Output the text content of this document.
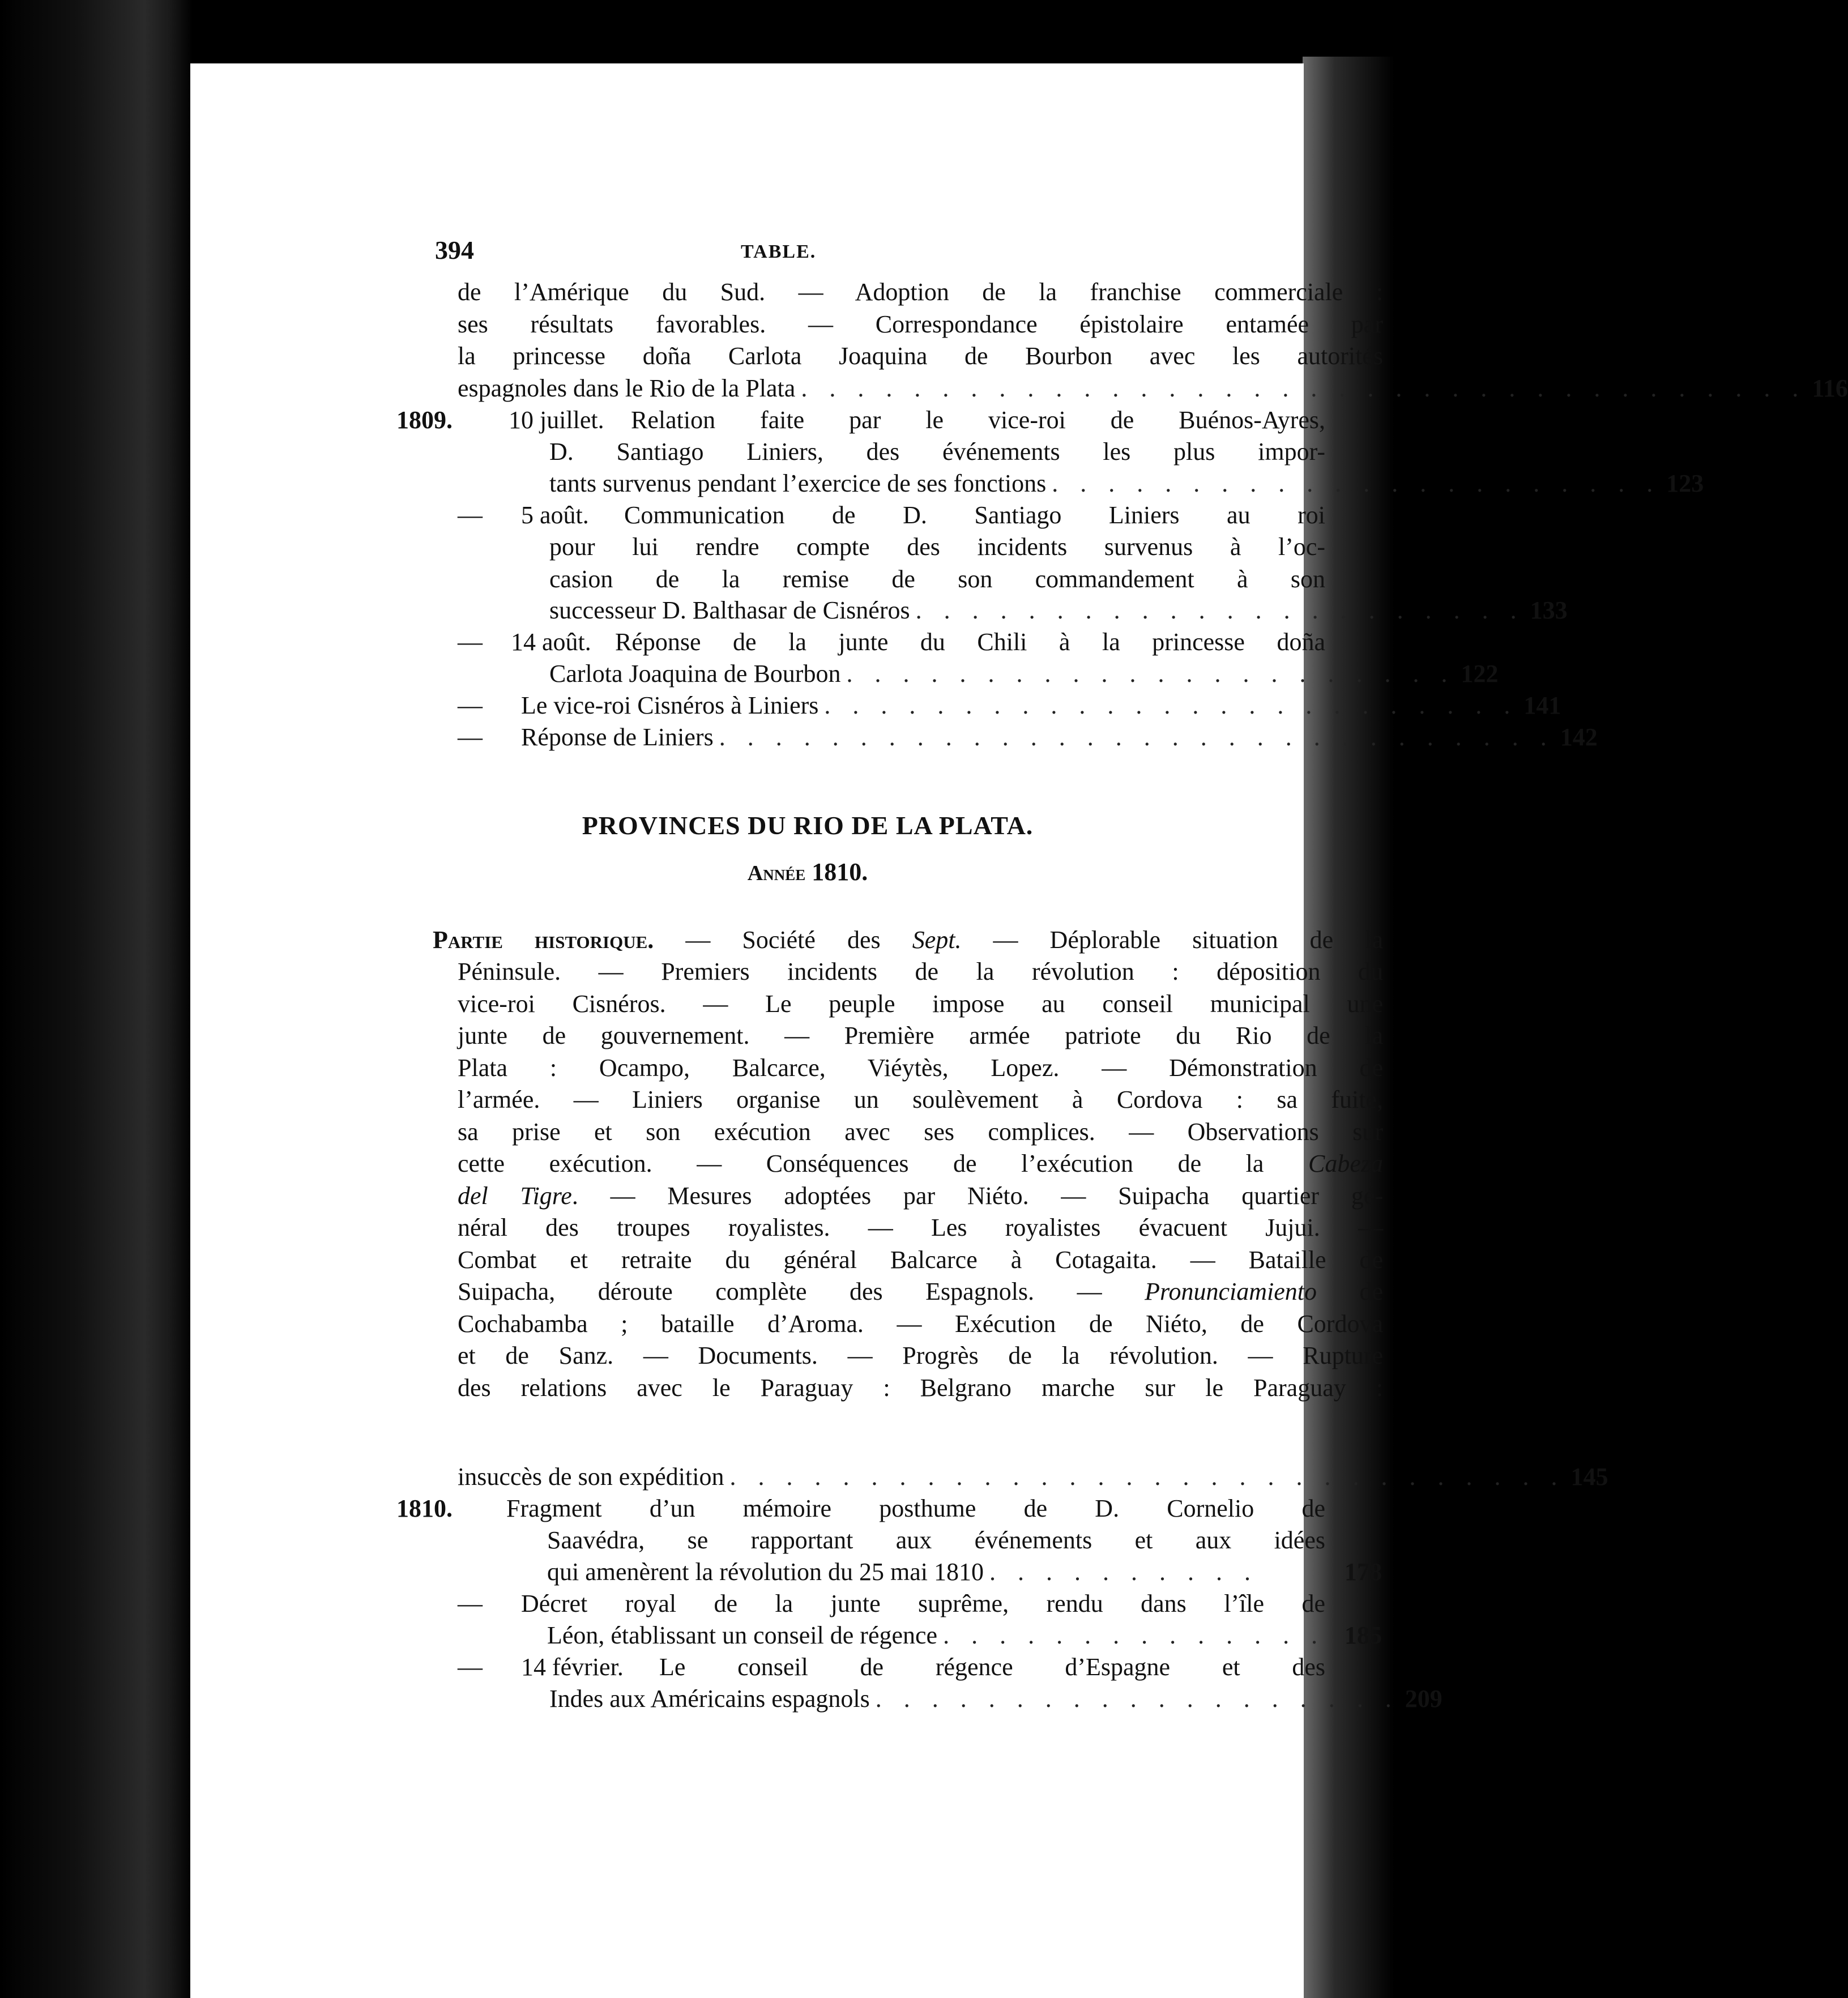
394	TABLE.
de l’Amérique du Sud. — Adoption de la franchise commerciale :
ses résultats favorables. — Correspondance épistolaire entamée par
la princesse doña Carlota Joaquina de Bourbon avec les autorités
espagnoles dans le Rio de la Plata . . . . . . . . . . . . . . . . . . . . . . . . . . . . . . . . . . . . 116
1809. 10 juillet. Relation faite par le vice-roi de Buénos-Ayres,
D. Santiago Liniers, des événements les plus impor-
tants survenus pendant l’exercice de ses fonctions . . . . . . . . . . . . . . . . . . . . . . 123
— 5 août. Communication de D. Santiago Liniers au roi
pour lui rendre compte des incidents survenus à l’oc-
casion de la remise de son commandement à son
successeur D. Balthasar de Cisnéros . . . . . . . . . . . . . . . . . . . . . . 133
— 14 août. Réponse de la junte du Chili à la princesse doña
Carlota Joaquina de Bourbon . . . . . . . . . . . . . . . . . . . . . . 122
— Le vice-roi Cisnéros à Liniers . . . . . . . . . . . . . . . . . . . . . . . . . 141
— Réponse de Liniers . . . . . . . . . . . . . . . . . . . . . . . . . . . . . . 142
PROVINCES DU RIO DE LA PLATA.
Année 1810.
Partie historique. — Société des Sept. — Déplorable situation de la
Péninsule. — Premiers incidents de la révolution : déposition du
vice-roi Cisnéros. — Le peuple impose au conseil municipal une
junte de gouvernement. — Première armée patriote du Rio de la
Plata : Ocampo, Balcarce, Viéytès, Lopez. — Démonstration de
l’armée. — Liniers organise un soulèvement à Cordova : sa fuite,
sa prise et son exécution avec ses complices. — Observations sur
cette exécution. — Conséquences de l’exécution de la Cabeza
del Tigre. — Mesures adoptées par Niéto. — Suipacha quartier gé-
néral des troupes royalistes. — Les royalistes évacuent Jujui. —
Combat et retraite du général Balcarce à Cotagaita. — Bataille de
Suipacha, déroute complète des Espagnols. — Pronunciamiento de
Cochabamba ; bataille d’Aroma. — Exécution de Niéto, de Cordova
et de Sanz. — Documents. — Progrès de la révolution. — Rupture
des relations avec le Paraguay : Belgrano marche sur le Paraguay :
insuccès de son expédition . . . . . . . . . . . . . . . . . . . . . . . . . . . . . . 145
1810. Fragment d’un mémoire posthume de D. Cornelio de
Saavédra, se rapportant aux événements et aux idées
qui amenèrent la révolution du 25 mai 1810 . . . . . . . . . .	178
— Décret royal de la junte suprême, rendu dans l’île de
Léon, établissant un conseil de régence . . . . . . . . . . . . . . 185
— 14 février. Le conseil de régence d’Espagne et des
Indes aux Américains espagnols . . . . . . . . . . . . . . . . . . . 209
